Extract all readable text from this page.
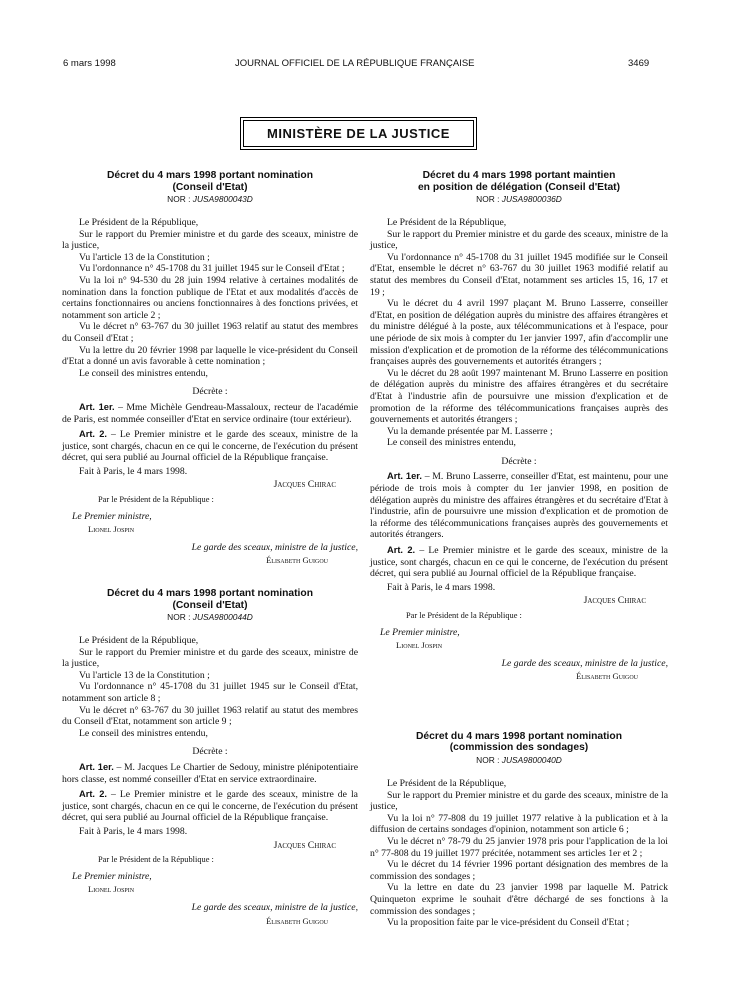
6 mars 1998	JOURNAL OFFICIEL DE LA RÉPUBLIQUE FRANÇAISE	3469
MINISTÈRE DE LA JUSTICE
Décret du 4 mars 1998 portant nomination
(Conseil d'Etat)
NOR : JUSA9800043D

Le Président de la République,

Sur le rapport du Premier ministre et du garde des sceaux, ministre de la justice,

Vu l'article 13 de la Constitution ;

Vu l'ordonnance n° 45-1708 du 31 juillet 1945 sur le Conseil d'Etat ;

Vu la loi n° 94-530 du 28 juin 1994 relative à certaines modalités de nomination dans la fonction publique de l'Etat et aux modalités d'accès de certains fonctionnaires ou anciens fonctionnaires à des fonctions privées, et notamment son article 2 ;

Vu le décret n° 63-767 du 30 juillet 1963 relatif au statut des membres du Conseil d'Etat ;

Vu la lettre du 20 février 1998 par laquelle le vice-président du Conseil d'Etat a donné un avis favorable à cette nomination ;

Le conseil des ministres entendu,

Décrète :

Art. 1er. – Mme Michèle Gendreau-Massaloux, recteur de l'académie de Paris, est nommée conseiller d'Etat en service ordinaire (tour extérieur).

Art. 2. – Le Premier ministre et le garde des sceaux, ministre de la justice, sont chargés, chacun en ce qui le concerne, de l'exécution du présent décret, qui sera publié au Journal officiel de la République française.

Fait à Paris, le 4 mars 1998.

Jacques Chirac
Par le Président de la République :
Le Premier ministre,
Lionel Jospin
Le garde des sceaux, ministre de la justice,
Élisabeth Guigou
Décret du 4 mars 1998 portant nomination
(Conseil d'Etat)
NOR : JUSA9800044D

Le Président de la République,

Sur le rapport du Premier ministre et du garde des sceaux, ministre de la justice,

Vu l'article 13 de la Constitution ;

Vu l'ordonnance n° 45-1708 du 31 juillet 1945 sur le Conseil d'Etat, notamment son article 8 ;

Vu le décret n° 63-767 du 30 juillet 1963 relatif au statut des membres du Conseil d'Etat, notamment son article 9 ;

Le conseil des ministres entendu,

Décrète :

Art. 1er. – M. Jacques Le Chartier de Sedouy, ministre plénipotentiaire hors classe, est nommé conseiller d'Etat en service extraordinaire.

Art. 2. – Le Premier ministre et le garde des sceaux, ministre de la justice, sont chargés, chacun en ce qui le concerne, de l'exécution du présent décret, qui sera publié au Journal officiel de la République française.

Fait à Paris, le 4 mars 1998.

Jacques Chirac
Par le Président de la République :
Le Premier ministre,
Lionel Jospin
Le garde des sceaux, ministre de la justice,
Élisabeth Guigou
Décret du 4 mars 1998 portant maintien
en position de délégation (Conseil d'Etat)
NOR : JUSA9800036D

Le Président de la République,

Sur le rapport du Premier ministre et du garde des sceaux, ministre de la justice,

Vu l'ordonnance n° 45-1708 du 31 juillet 1945 modifiée sur le Conseil d'Etat, ensemble le décret n° 63-767 du 30 juillet 1963 modifié relatif au statut des membres du Conseil d'Etat, notamment ses articles 15, 16, 17 et 19 ;

Vu le décret du 4 avril 1997 plaçant M. Bruno Lasserre, conseiller d'Etat, en position de délégation auprès du ministre des affaires étrangères et du ministre délégué à la poste, aux télécommunications et à l'espace, pour une période de six mois à compter du 1er janvier 1997, afin d'accomplir une mission d'explication et de promotion de la réforme des télécommunications françaises auprès des gouvernements et autorités étrangers ;

Vu le décret du 28 août 1997 maintenant M. Bruno Lasserre en position de délégation auprès du ministre des affaires étrangères et du secrétaire d'Etat à l'industrie afin de poursuivre une mission d'explication et de promotion de la réforme des télécommunications françaises auprès des gouvernements et autorités étrangers ;

Vu la demande présentée par M. Lasserre ;

Le conseil des ministres entendu,

Décrète :

Art. 1er. – M. Bruno Lasserre, conseiller d'Etat, est maintenu, pour une période de trois mois à compter du 1er janvier 1998, en position de délégation auprès du ministre des affaires étrangères et du secrétaire d'Etat à l'industrie, afin de poursuivre une mission d'explication et de promotion de la réforme des télécommunications françaises auprès des gouvernements et autorités étrangers.

Art. 2. – Le Premier ministre et le garde des sceaux, ministre de la justice, sont chargés, chacun en ce qui le concerne, de l'exécution du présent décret, qui sera publié au Journal officiel de la République française.

Fait à Paris, le 4 mars 1998.

Jacques Chirac
Par le Président de la République :
Le Premier ministre,
Lionel Jospin
Le garde des sceaux, ministre de la justice,
Élisabeth Guigou
Décret du 4 mars 1998 portant nomination
(commission des sondages)
NOR : JUSA9800040D

Le Président de la République,

Sur le rapport du Premier ministre et du garde des sceaux, ministre de la justice,

Vu la loi n° 77-808 du 19 juillet 1977 relative à la publication et à la diffusion de certains sondages d'opinion, notamment son article 6 ;

Vu le décret n° 78-79 du 25 janvier 1978 pris pour l'application de la loi n° 77-808 du 19 juillet 1977 précitée, notamment ses articles 1er et 2 ;

Vu le décret du 14 février 1996 portant désignation des membres de la commission des sondages ;

Vu la lettre en date du 23 janvier 1998 par laquelle M. Patrick Quinqueton exprime le souhait d'être déchargé de ses fonctions à la commission des sondages ;

Vu la proposition faite par le vice-président du Conseil d'Etat ;
